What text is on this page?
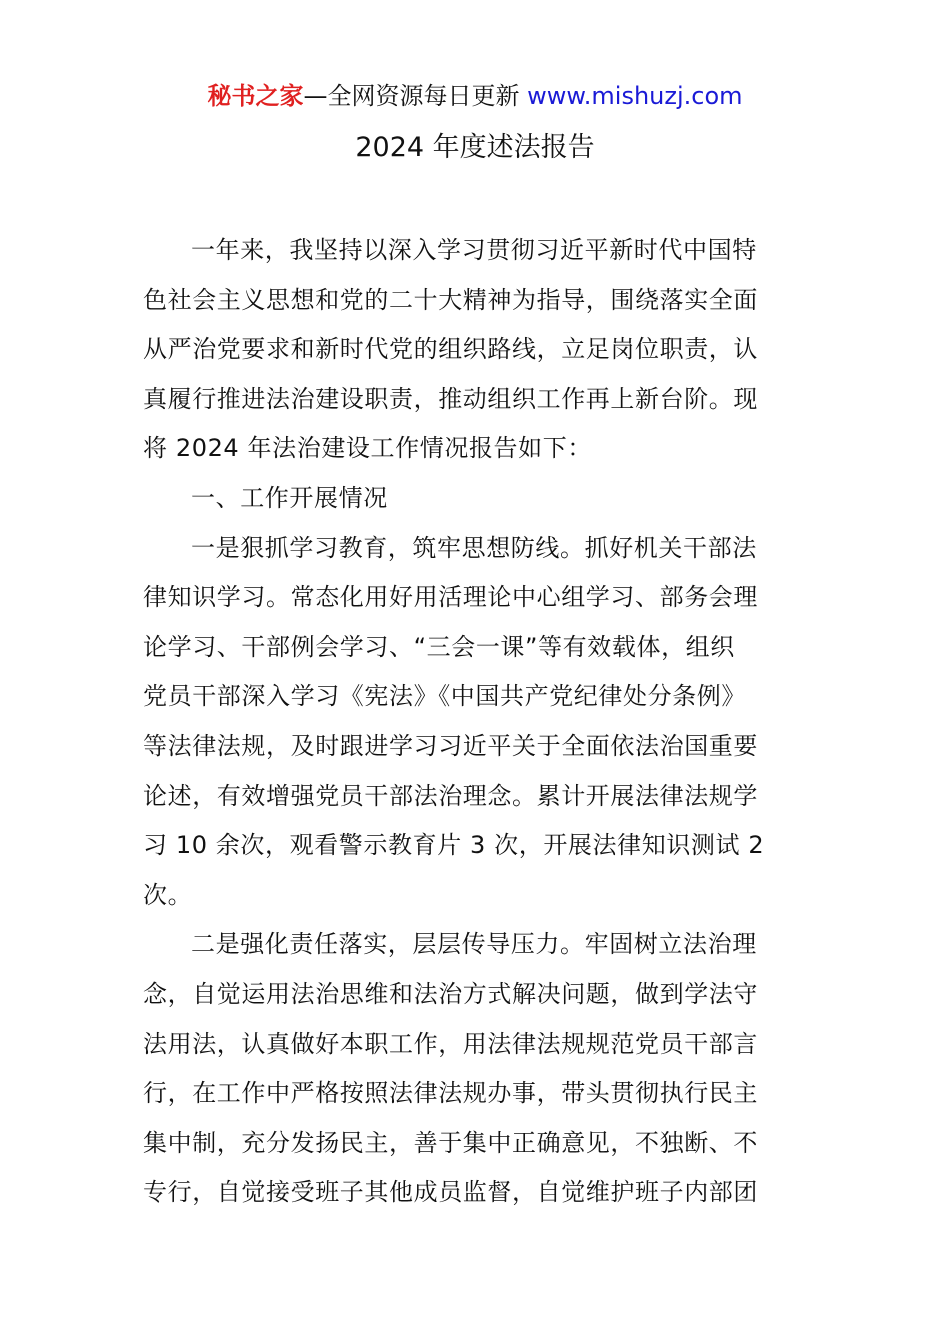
秘书之家—全网资源每日更新 www.mishuzj.com
2024 年度述法报告
一年来，我坚持以深入学习贯彻习近平新时代中国特
色社会主义思想和党的二十大精神为指导，围绕落实全面
从严治党要求和新时代党的组织路线，立足岗位职责，认
真履行推进法治建设职责，推动组织工作再上新台阶。现
将 2024 年法治建设工作情况报告如下：
一、工作开展情况
一是狠抓学习教育，筑牢思想防线。抓好机关干部法
律知识学习。常态化用好用活理论中心组学习、部务会理
论学习、干部例会学习、“三会一课”等有效载体，组织
党员干部深入学习《宪法》《中国共产党纪律处分条例》
等法律法规，及时跟进学习习近平关于全面依法治国重要
论述，有效增强党员干部法治理念。累计开展法律法规学
习 10 余次，观看警示教育片 3 次，开展法律知识测试 2
次。
二是强化责任落实，层层传导压力。牢固树立法治理
念，自觉运用法治思维和法治方式解决问题，做到学法守
法用法，认真做好本职工作，用法律法规规范党员干部言
行，在工作中严格按照法律法规办事，带头贯彻执行民主
集中制，充分发扬民主，善于集中正确意见，不独断、不
专行，自觉接受班子其他成员监督，自觉维护班子内部团
